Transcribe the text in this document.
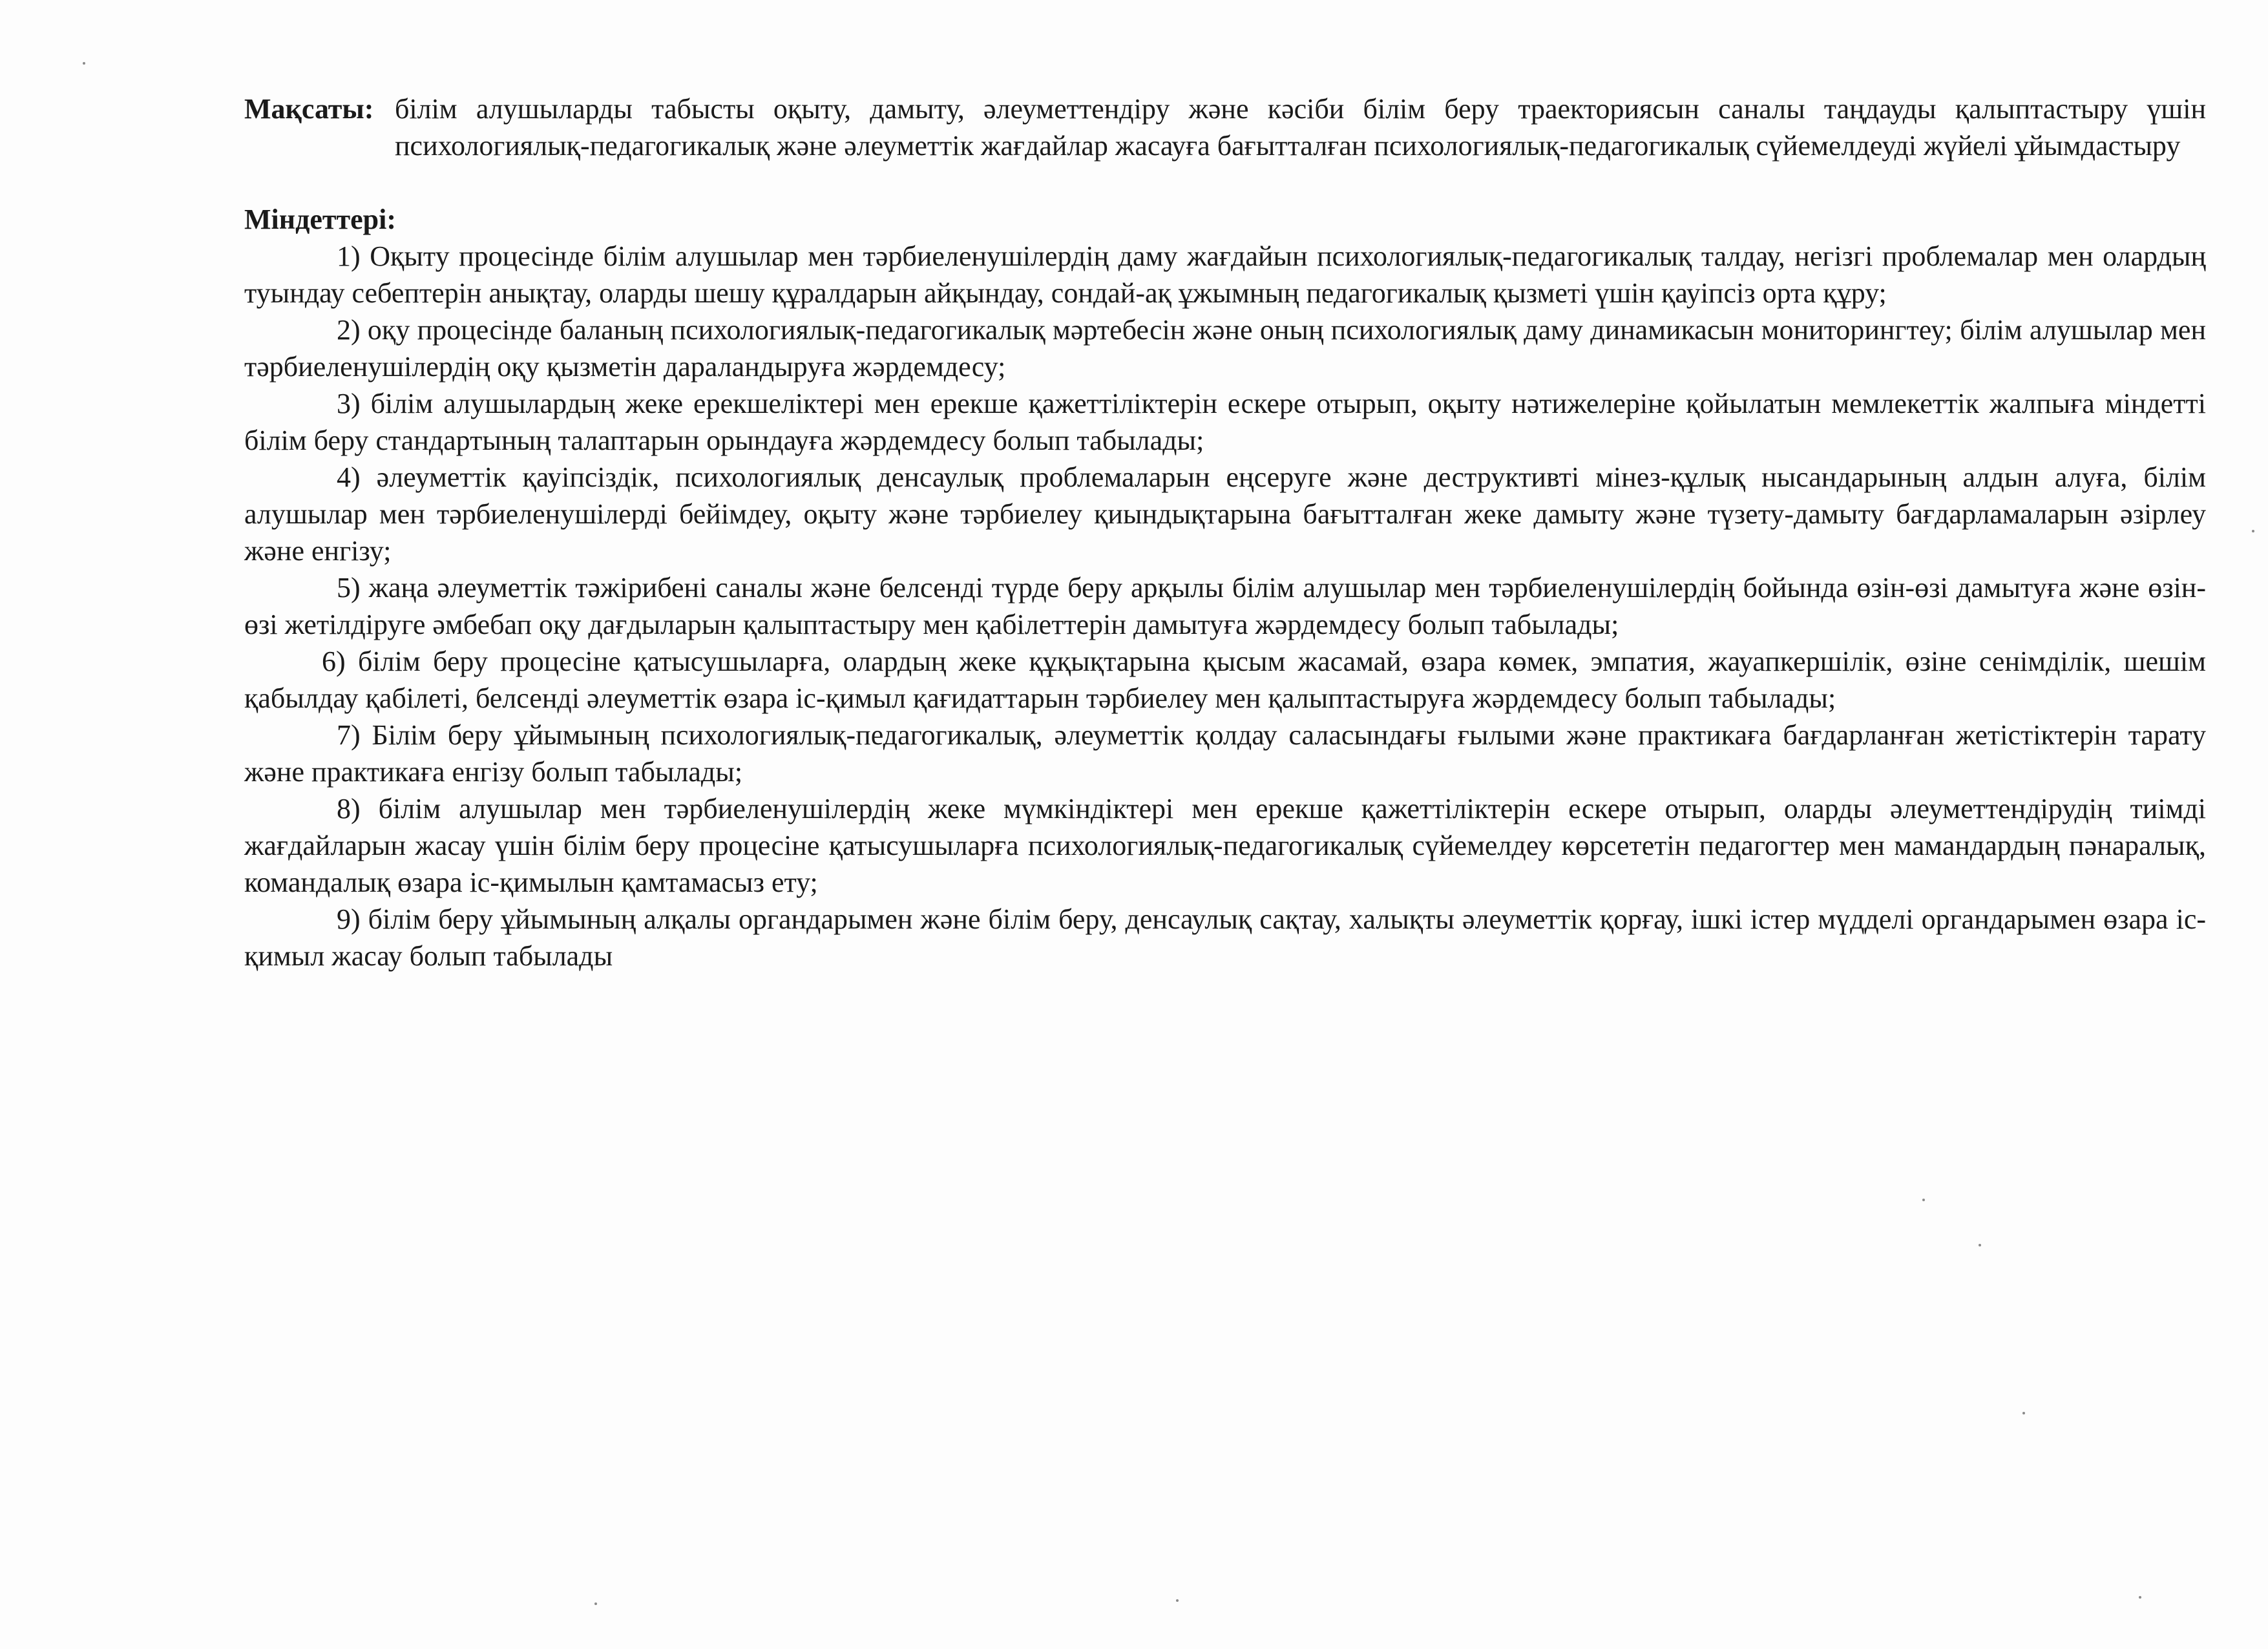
Мақсаты: білім алушыларды табысты оқыту, дамыту, әлеуметтендіру және кәсіби білім беру траекториясын саналы таңдауды қалыптастыру үшін психологиялық-педагогикалық және әлеуметтік жағдайлар жасауға бағытталған психологиялық-педагогикалық сүйемелдеуді жүйелі ұйымдастыру
Міндеттері:

1) Оқыту процесінде білім алушылар мен тәрбиеленушілердің даму жағдайын психологиялық-педагогикалық талдау, негізгі проблемалар мен олардың туындау себептерін анықтау, оларды шешу құралдарын айқындау, сондай-ақ ұжымның педагогикалық қызметі үшін қауіпсіз орта құру;

2) оқу процесінде баланың психологиялық-педагогикалық мәртебесін және оның психологиялық даму динамикасын мониторингтеу; білім алушылар мен тәрбиеленушілердің оқу қызметін дараландыруға жәрдемдесу;

3) білім алушылардың жеке ерекшеліктері мен ерекше қажеттіліктерін ескере отырып, оқыту нәтижелеріне қойылатын мемлекеттік жалпыға міндетті білім беру стандартының талаптарын орындауға жәрдемдесу болып табылады;

4) әлеуметтік қауіпсіздік, психологиялық денсаулық проблемаларын еңсеруге және деструктивті мінез-құлық нысандарының алдын алуға, білім алушылар мен тәрбиеленушілерді бейімдеу, оқыту және тәрбиелеу қиындықтарына бағытталған жеке дамыту және түзету-дамыту бағдарламаларын әзірлеу және енгізу;

5) жаңа әлеуметтік тәжірибені саналы және белсенді түрде беру арқылы білім алушылар мен тәрбиеленушілердің бойында өзін-өзі дамытуға және өзін-өзі жетілдіруге әмбебап оқу дағдыларын қалыптастыру мен қабілеттерін дамытуға жәрдемдесу болып табылады;

6) білім беру процесіне қатысушыларға, олардың жеке құқықтарына қысым жасамай, өзара көмек, эмпатия, жауапкершілік, өзіне сенімділік, шешім қабылдау қабілеті, белсенді әлеуметтік өзара іс-қимыл қағидаттарын тәрбиелеу мен қалыптастыруға жәрдемдесу болып табылады;

7) Білім беру ұйымының психологиялық-педагогикалық, әлеуметтік қолдау саласындағы ғылыми және практикаға бағдарланған жетістіктерін тарату және практикаға енгізу болып табылады;

8) білім алушылар мен тәрбиеленушілердің жеке мүмкіндіктері мен ерекше қажеттіліктерін ескере отырып, оларды әлеуметтендірудің тиімді жағдайларын жасау үшін білім беру процесіне қатысушыларға психологиялық-педагогикалық сүйемелдеу көрсететін педагогтер мен мамандардың пәнаралық, командалық өзара іс-қимылын қамтамасыз ету;

9) білім беру ұйымының алқалы органдарымен және білім беру, денсаулық сақтау, халықты әлеуметтік қорғау, ішкі істер мүдделі органдарымен өзара іс-қимыл жасау болып табылады
